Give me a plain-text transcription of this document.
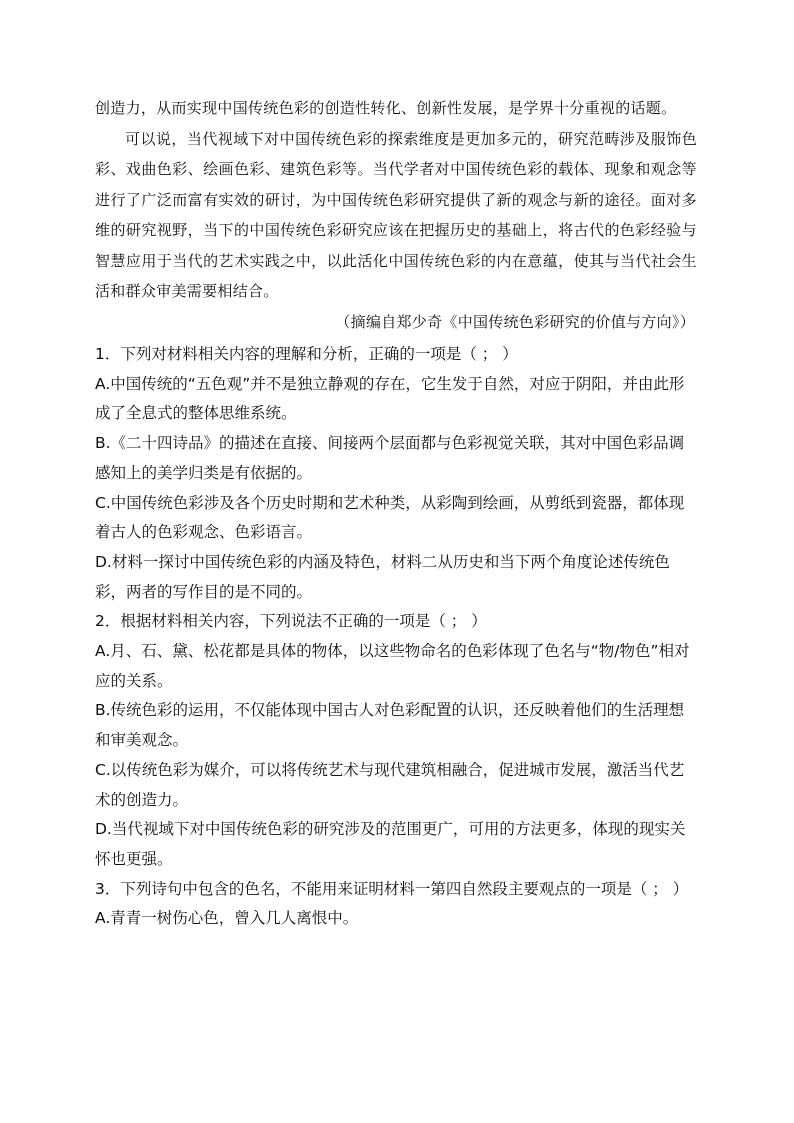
创造力，从而实现中国传统色彩的创造性转化、创新性发展，是学界十分重视的话题。

可以说，当代视域下对中国传统色彩的探索维度是更加多元的，研究范畴涉及服饰色彩、戏曲色彩、绘画色彩、建筑色彩等。当代学者对中国传统色彩的载体、现象和观念等进行了广泛而富有实效的研讨，为中国传统色彩研究提供了新的观念与新的途径。面对多维的研究视野，当下的中国传统色彩研究应该在把握历史的基础上，将古代的色彩经验与智慧应用于当代的艺术实践之中，以此活化中国传统色彩的内在意蕴，使其与当代社会生活和群众审美需要相结合。

（摘编自郑少奇《中国传统色彩研究的价值与方向》）

1．下列对材料相关内容的理解和分析，正确的一项是（ ； ）

A.中国传统的“五色观”并不是独立静观的存在，它生发于自然，对应于阴阳，并由此形成了全息式的整体思维系统。

B.《二十四诗品》的描述在直接、间接两个层面都与色彩视觉关联，其对中国色彩品调感知上的美学归类是有依据的。

C.中国传统色彩涉及各个历史时期和艺术种类，从彩陶到绘画，从剪纸到瓷器，都体现着古人的色彩观念、色彩语言。

D.材料一探讨中国传统色彩的内涵及特色，材料二从历史和当下两个角度论述传统色彩，两者的写作目的是不同的。

2．根据材料相关内容，下列说法不正确的一项是（ ； ）

A.月、石、黛、松花都是具体的物体，以这些物命名的色彩体现了色名与“物/物色”相对应的关系。

B.传统色彩的运用，不仅能体现中国古人对色彩配置的认识，还反映着他们的生活理想和审美观念。

C.以传统色彩为媒介，可以将传统艺术与现代建筑相融合，促进城市发展，激活当代艺术的创造力。

D.当代视域下对中国传统色彩的研究涉及的范围更广，可用的方法更多，体现的现实关怀也更强。

3．下列诗句中包含的色名，不能用来证明材料一第四自然段主要观点的一项是（ ； ）

A.青青一树伤心色，曾入几人离恨中。
